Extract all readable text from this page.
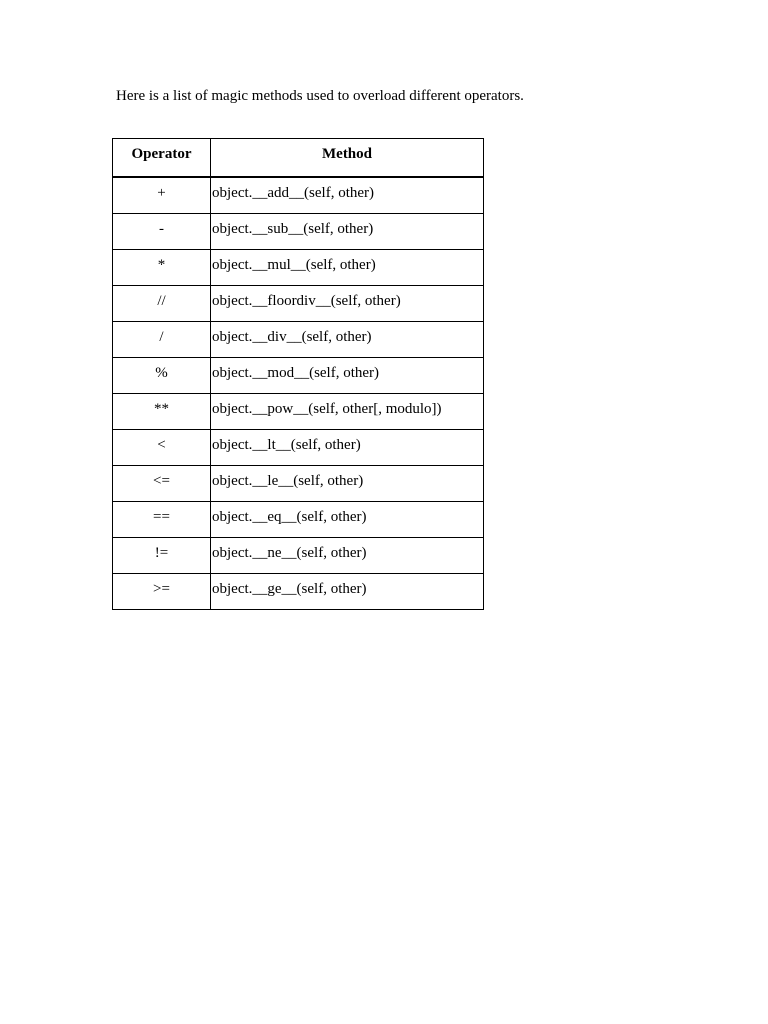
Here is a list of magic methods used to overload different operators.

Operator	Method
+	object.__add__(self, other)
-	object.__sub__(self, other)
*	object.__mul__(self, other)
//	object.__floordiv__(self, other)
/	object.__div__(self, other)
%	object.__mod__(self, other)
**	object.__pow__(self, other[, modulo])
<	object.__lt__(self, other)
<=	object.__le__(self, other)
==	object.__eq__(self, other)
!=	object.__ne__(self, other)
>=	object.__ge__(self, other)
